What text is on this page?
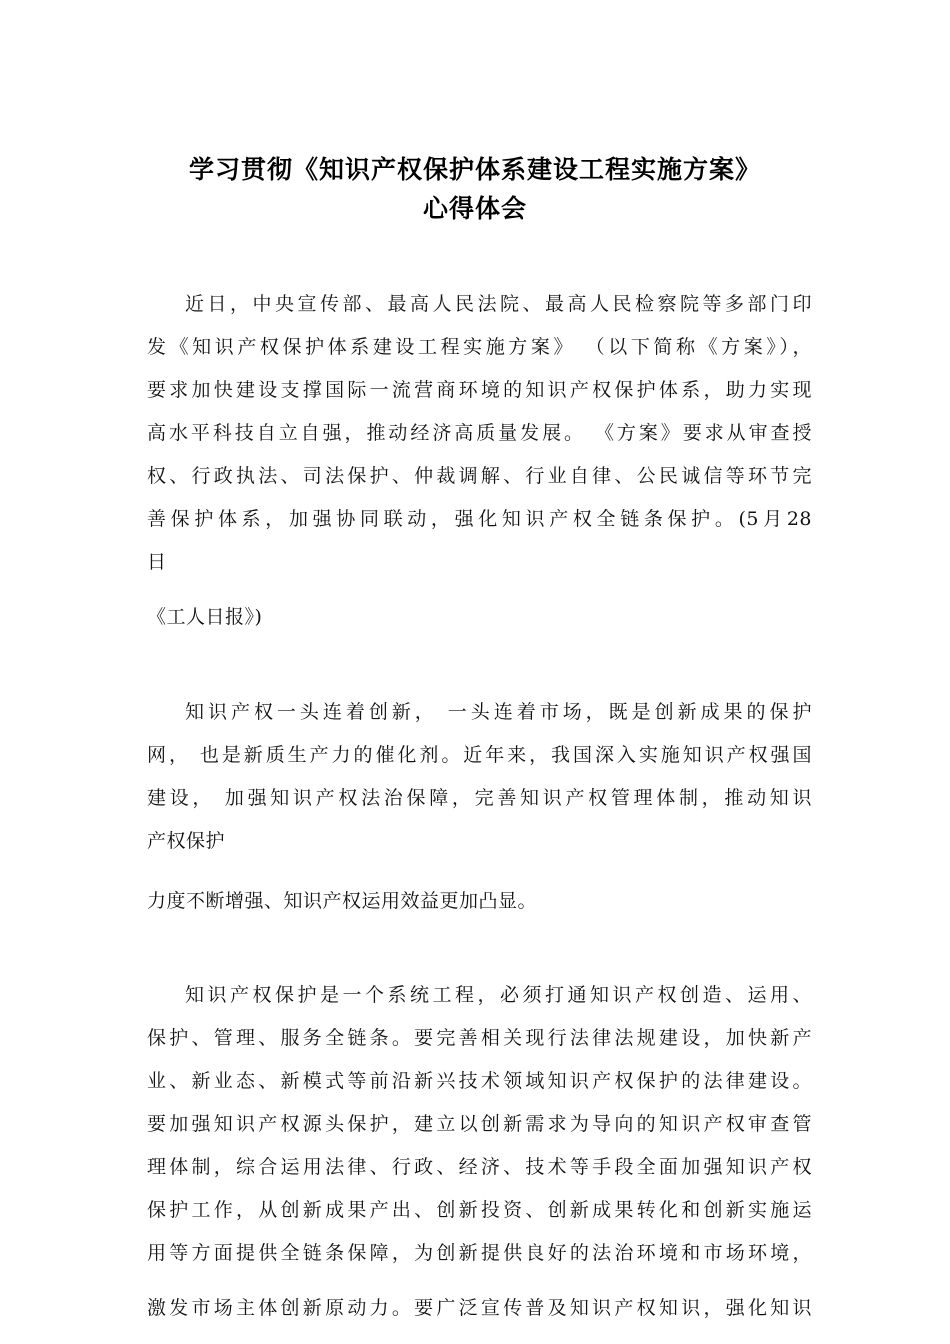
学习贯彻《知识产权保护体系建设工程实施方案》
心得体会
近日，中央宣传部、最高人民法院、最高人民检察院等多部门印
发《知识产权保护体系建设工程实施方案》 （以下简称《方案》），
要求加快建设支撑国际一流营商环境的知识产权保护体系，助力实现
高水平科技自立自强，推动经济高质量发展。 《方案》要求从审查授
权、行政执法、司法保护、仲裁调解、行业自律、公民诚信等环节完
善保护体系，加强协同联动，强化知识产权全链条保护。(5月28
日
《工人日报》)
知识产权一头连着创新， 一头连着市场，既是创新成果的保护
网， 也是新质生产力的催化剂。近年来，我国深入实施知识产权强国
建设， 加强知识产权法治保障，完善知识产权管理体制，推动知识
产权保护
力度不断增强、知识产权运用效益更加凸显。
知识产权保护是一个系统工程，必须打通知识产权创造、运用、
保护、管理、服务全链条。要完善相关现行法律法规建设，加快新产
业、新业态、新模式等前沿新兴技术领域知识产权保护的法律建设。
要加强知识产权源头保护，建立以创新需求为导向的知识产权审查管
理体制，综合运用法律、行政、经济、技术等手段全面加强知识产权
保护工作，从创新成果产出、创新投资、创新成果转化和创新实施运
用等方面提供全链条保障，为创新提供良好的法治环境和市场环境，
激发市场主体创新原动力。要广泛宣传普及知识产权知识，强化知识
